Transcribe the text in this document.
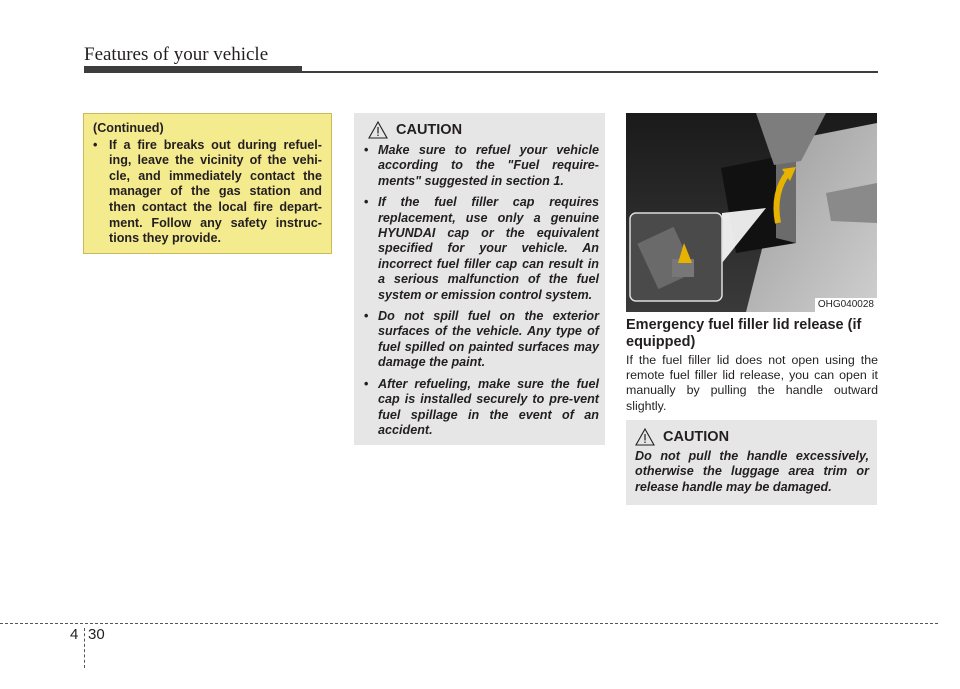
Features of your vehicle
(Continued)
• If a fire breaks out during refuel-ing, leave the vicinity of the vehi-cle, and immediately contact the manager of the gas station and then contact the local fire depart-ment. Follow any safety instruc-tions they provide.
CAUTION
• Make sure to refuel your vehicle according to the "Fuel require-ments" suggested in section 1.
• If the fuel filler cap requires replacement, use only a genuine HYUNDAI cap or the equivalent specified for your vehicle. An incorrect fuel filler cap can result in a serious malfunction of the fuel system or emission control system.
• Do not spill fuel on the exterior surfaces of the vehicle. Any type of fuel spilled on painted surfaces may damage the paint.
• After refueling, make sure the fuel cap is installed securely to pre-vent fuel spillage in the event of an accident.
OHG040028
Emergency fuel filler lid release (if equipped)
If the fuel filler lid does not open using the remote fuel filler lid release, you can open it manually by pulling the handle outward slightly.
CAUTION
Do not pull the handle excessively, otherwise the luggage area trim or release handle may be damaged.
4 30
